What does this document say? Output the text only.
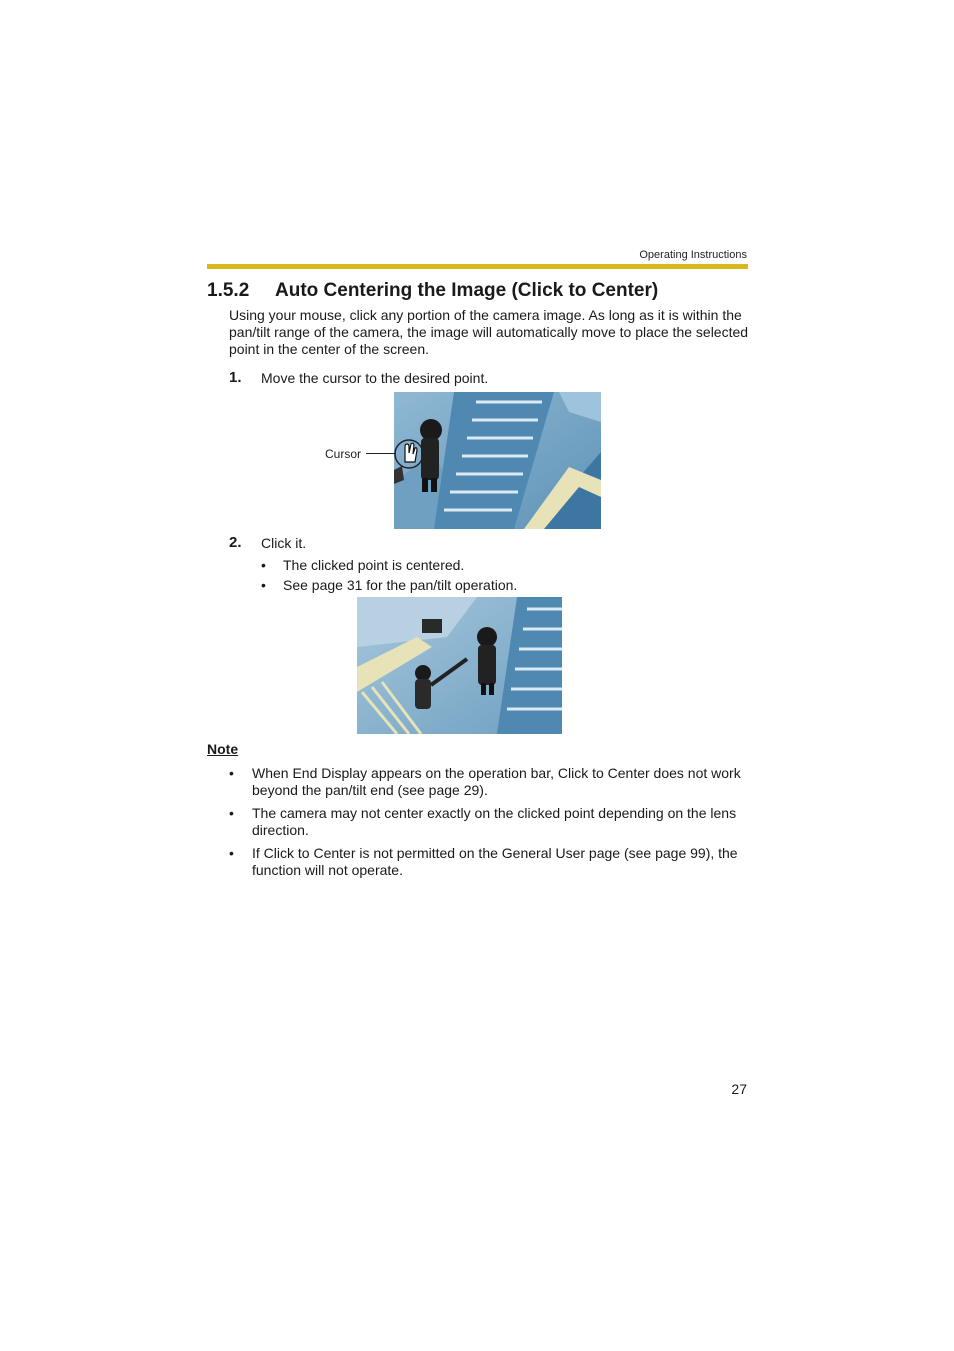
Operating Instructions
1.5.2 Auto Centering the Image (Click to Center)
Using your mouse, click any portion of the camera image. As long as it is within the pan/tilt range of the camera, the image will automatically move to place the selected point in the center of the screen.
1. Move the cursor to the desired point.
Cursor
2. Click it.
• The clicked point is centered.
• See page 31 for the pan/tilt operation.
Note
• When End Display appears on the operation bar, Click to Center does not work beyond the pan/tilt end (see page 29).
• The camera may not center exactly on the clicked point depending on the lens direction.
• If Click to Center is not permitted on the General User page (see page 99), the function will not operate.
27
